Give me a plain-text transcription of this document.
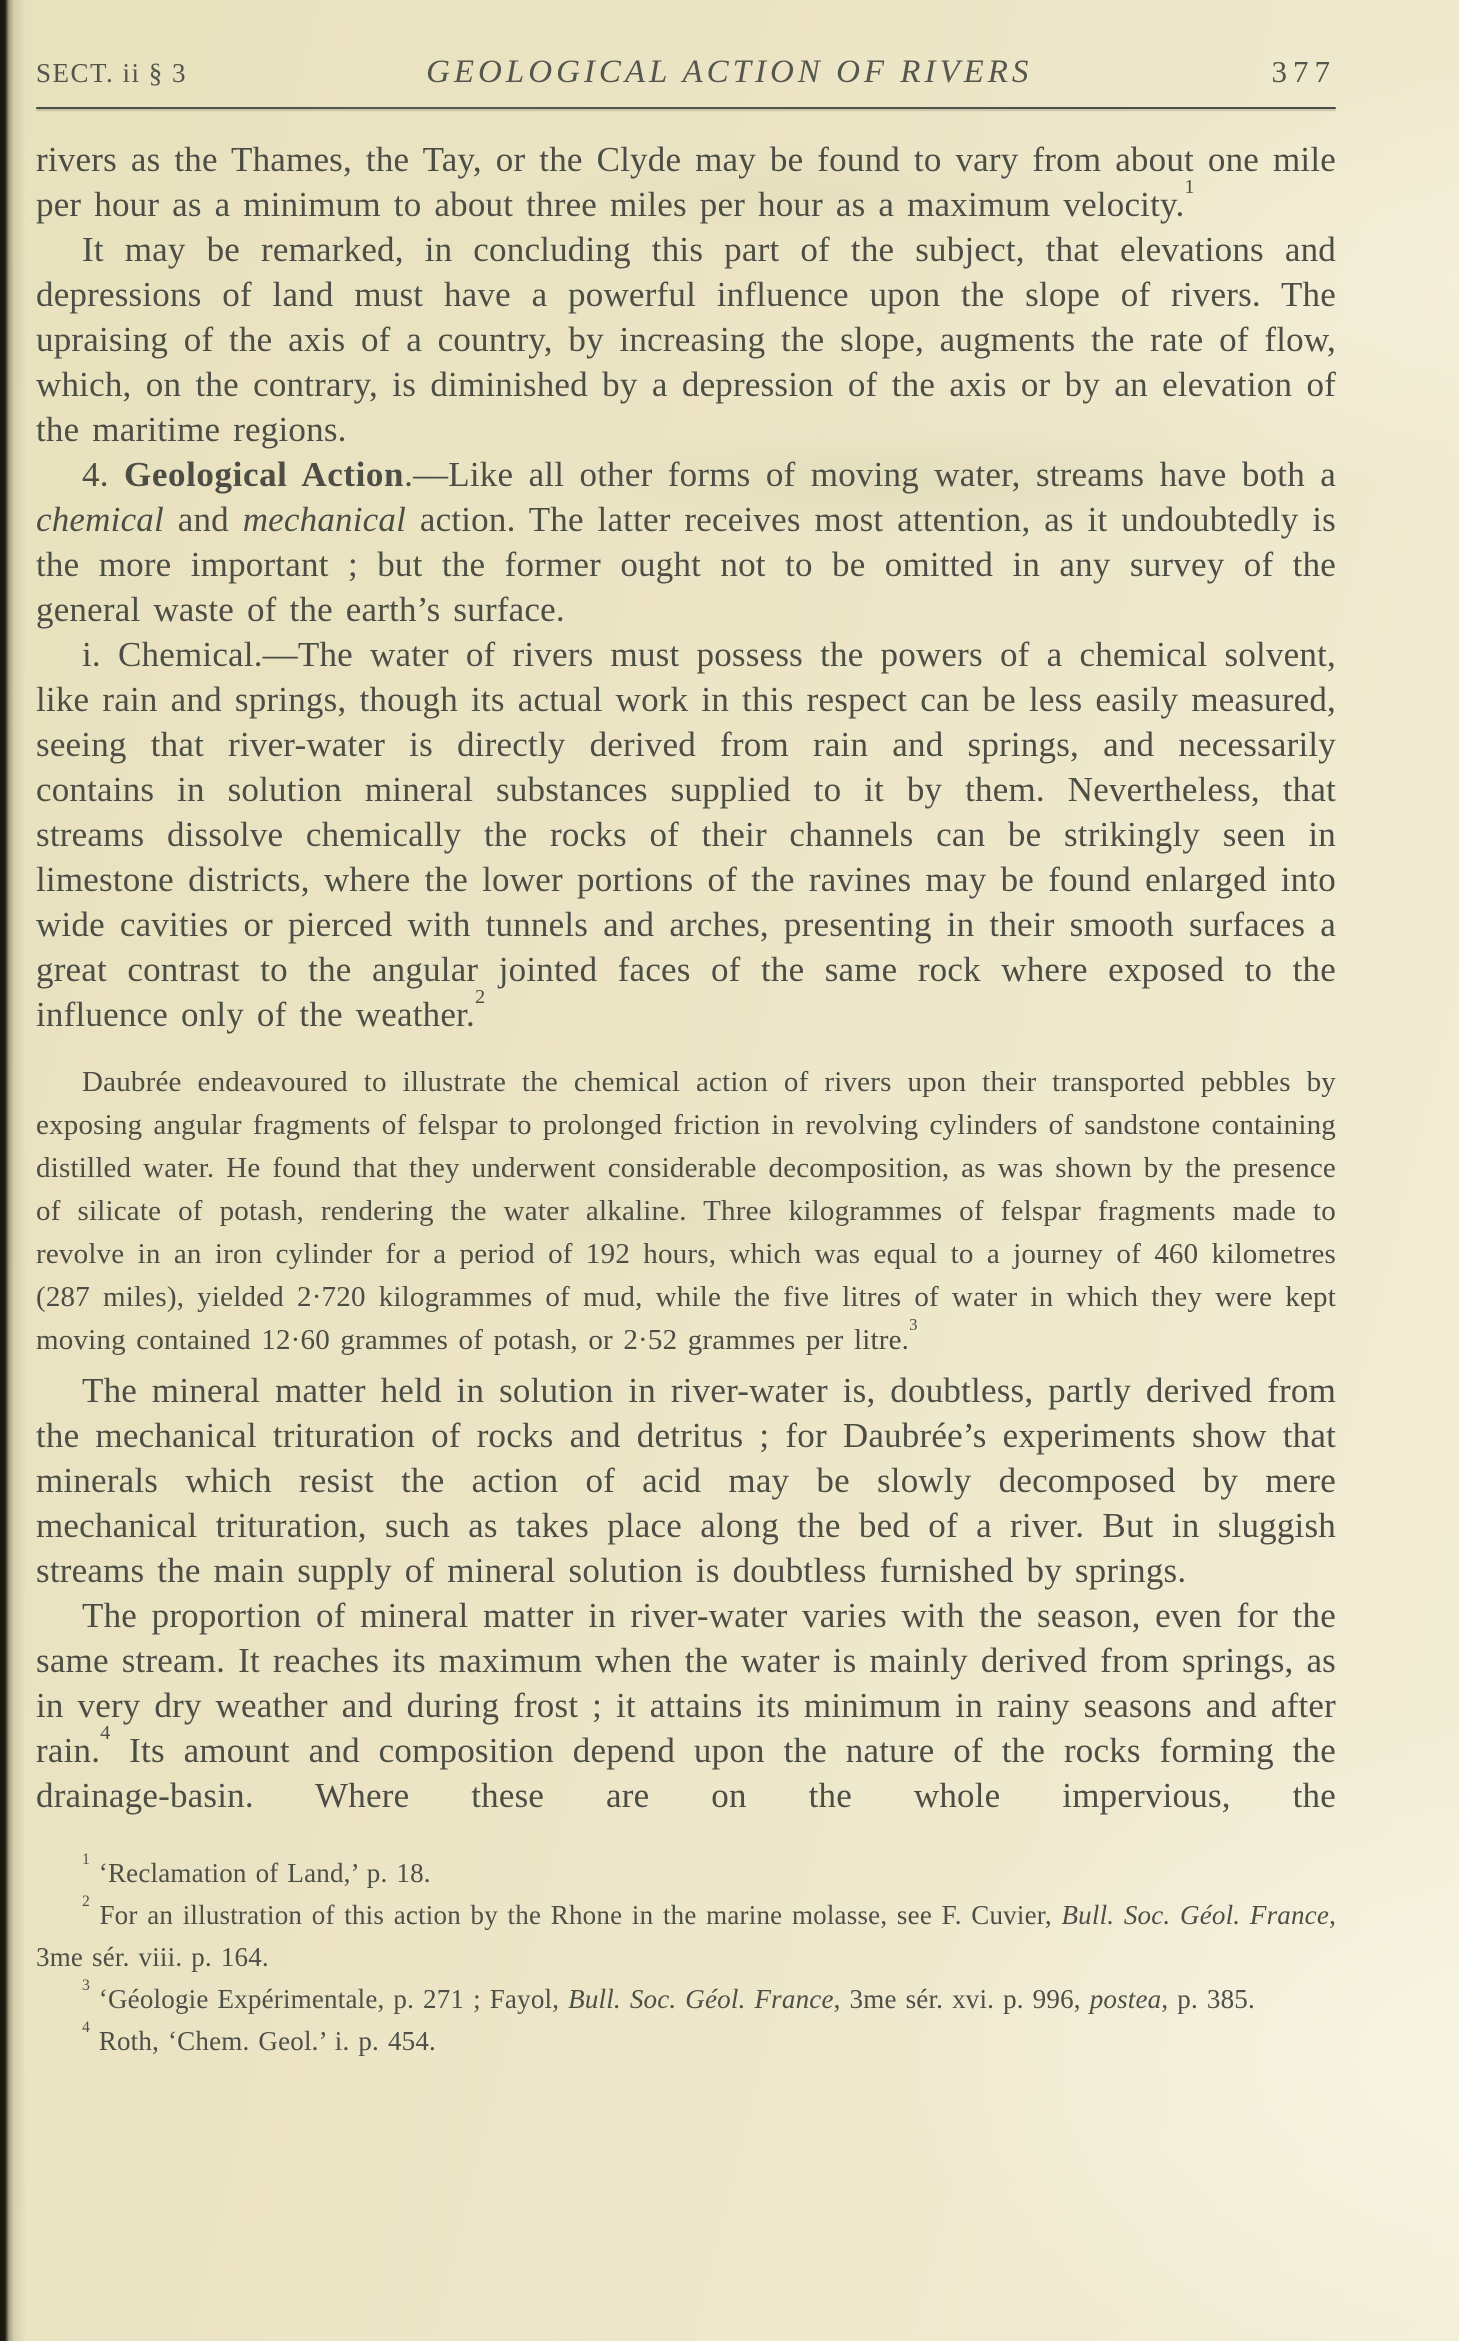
SECT. ii § 3	GEOLOGICAL ACTION OF RIVERS	377

rivers as the Thames, the Tay, or the Clyde may be found to vary from about one mile per hour as a minimum to about three miles per hour as a maximum velocity.$^1$

It may be remarked, in concluding this part of the subject, that elevations and depressions of land must have a powerful influence upon the slope of rivers. The upraising of the axis of a country, by increasing the slope, augments the rate of flow, which, on the contrary, is diminished by a depression of the axis or by an elevation of the maritime regions.

4. Geological Action.—Like all other forms of moving water, streams have both a chemical and mechanical action. The latter receives most attention, as it undoubtedly is the more important ; but the former ought not to be omitted in any survey of the general waste of the earth’s surface.

i. Chemical.—The water of rivers must possess the powers of a chemical solvent, like rain and springs, though its actual work in this respect can be less easily measured, seeing that river-water is directly derived from rain and springs, and necessarily contains in solution mineral substances supplied to it by them. Nevertheless, that streams dissolve chemically the rocks of their channels can be strikingly seen in limestone districts, where the lower portions of the ravines may be found enlarged into wide cavities or pierced with tunnels and arches, presenting in their smooth surfaces a great contrast to the angular jointed faces of the same rock where exposed to the influence only of the weather.$^2$

Daubrée endeavoured to illustrate the chemical action of rivers upon their transported pebbles by exposing angular fragments of felspar to prolonged friction in revolving cylinders of sandstone containing distilled water. He found that they underwent considerable decomposition, as was shown by the presence of silicate of potash, rendering the water alkaline. Three kilogrammes of felspar fragments made to revolve in an iron cylinder for a period of 192 hours, which was equal to a journey of 460 kilometres (287 miles), yielded 2·720 kilogrammes of mud, while the five litres of water in which they were kept moving contained 12·60 grammes of potash, or 2·52 grammes per litre.$^3$

The mineral matter held in solution in river-water is, doubtless, partly derived from the mechanical trituration of rocks and detritus ; for Daubrée’s experiments show that minerals which resist the action of acid may be slowly decomposed by mere mechanical trituration, such as takes place along the bed of a river. But in sluggish streams the main supply of mineral solution is doubtless furnished by springs.

The proportion of mineral matter in river-water varies with the season, even for the same stream. It reaches its maximum when the water is mainly derived from springs, as in very dry weather and during frost ; it attains its minimum in rainy seasons and after rain.$^4$ Its amount and composition depend upon the nature of the rocks forming the drainage-basin. Where these are on the whole impervious, the

$^1$ ‘Reclamation of Land,’ p. 18.

$^2$ For an illustration of this action by the Rhone in the marine molasse, see F. Cuvier, Bull. Soc. Géol. France, 3me sér. viii. p. 164.

$^3$ ‘Géologie Expérimentale, p. 271 ; Fayol, Bull. Soc. Géol. France, 3me sér. xvi. p. 996, postea, p. 385.

$^4$ Roth, ‘Chem. Geol.’ i. p. 454.
